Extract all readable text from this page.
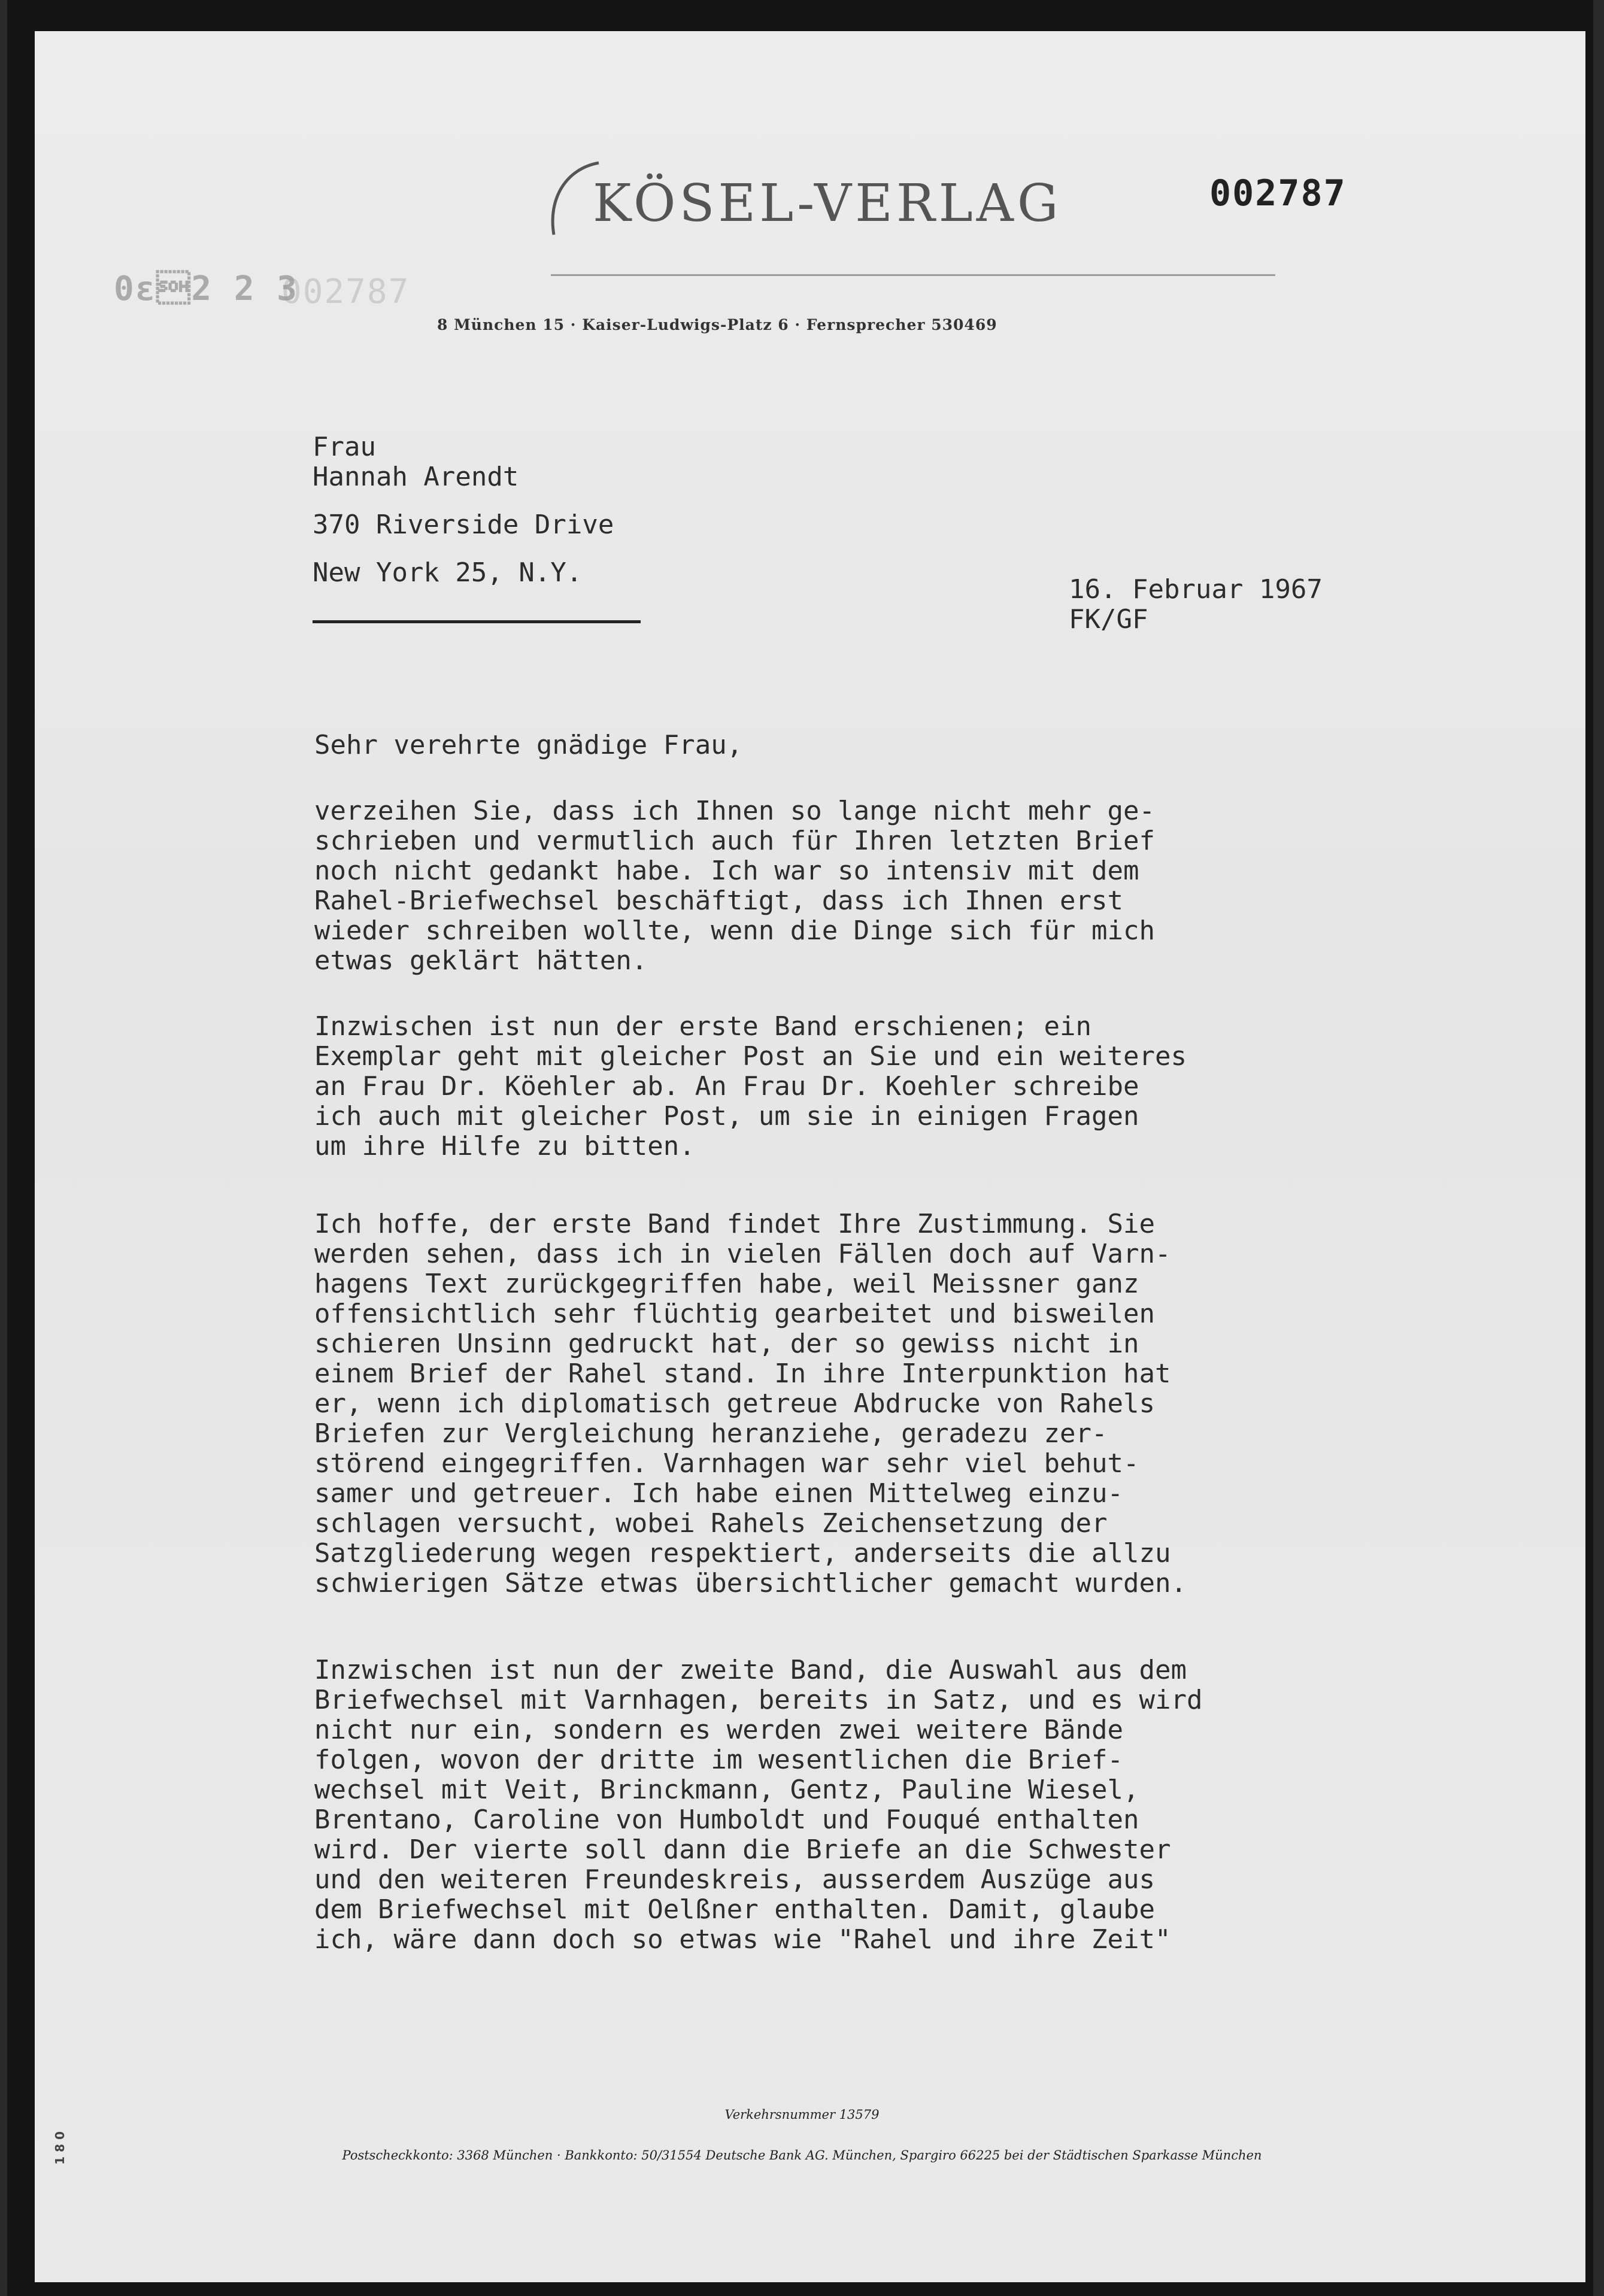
KÖSEL-VERLAG	002787
0ε2 2 3
002787
8 München 15 · Kaiser-Ludwigs-Platz 6 · Fernsprecher 530469

Frau

Hannah Arendt

370 Riverside Drive

New York 25, N.Y.

16. Februar 1967

FK/GF

Sehr verehrte gnädige Frau,

verzeihen Sie, dass ich Ihnen so lange nicht mehr ge-
schrieben und vermutlich auch für Ihren letzten Brief
noch nicht gedankt habe. Ich war so intensiv mit dem
Rahel-Briefwechsel beschäftigt, dass ich Ihnen erst
wieder schreiben wollte, wenn die Dinge sich für mich
etwas geklärt hätten.

Inzwischen ist nun der erste Band erschienen; ein
Exemplar geht mit gleicher Post an Sie und ein weiteres
an Frau Dr. Köehler ab. An Frau Dr. Koehler schreibe
ich auch mit gleicher Post, um sie in einigen Fragen
um ihre Hilfe zu bitten.

Ich hoffe, der erste Band findet Ihre Zustimmung. Sie
werden sehen, dass ich in vielen Fällen doch auf Varn-
hagens Text zurückgegriffen habe, weil Meissner ganz
offensichtlich sehr flüchtig gearbeitet und bisweilen
schieren Unsinn gedruckt hat, der so gewiss nicht in
einem Brief der Rahel stand. In ihre Interpunktion hat
er, wenn ich diplomatisch getreue Abdrucke von Rahels
Briefen zur Vergleichung heranziehe, geradezu zer-
störend eingegriffen. Varnhagen war sehr viel behut-
samer und getreuer. Ich habe einen Mittelweg einzu-
schlagen versucht, wobei Rahels Zeichensetzung der
Satzgliederung wegen respektiert, anderseits die allzu
schwierigen Sätze etwas übersichtlicher gemacht wurden.

Inzwischen ist nun der zweite Band, die Auswahl aus dem
Briefwechsel mit Varnhagen, bereits in Satz, und es wird
nicht nur ein, sondern es werden zwei weitere Bände
folgen, wovon der dritte im wesentlichen die Brief-
wechsel mit Veit, Brinckmann, Gentz, Pauline Wiesel,
Brentano, Caroline von Humboldt und Fouqué enthalten
wird. Der vierte soll dann die Briefe an die Schwester
und den weiteren Freundeskreis, ausserdem Auszüge aus
dem Briefwechsel mit Oelßner enthalten. Damit, glaube
ich, wäre dann doch so etwas wie "Rahel und ihre Zeit"

1 8 0
Verkehrsnummer 13579
Postscheckkonto: 3368 München · Bankkonto: 50/31554 Deutsche Bank AG. München, Spargiro 66225 bei der Städtischen Sparkasse München
